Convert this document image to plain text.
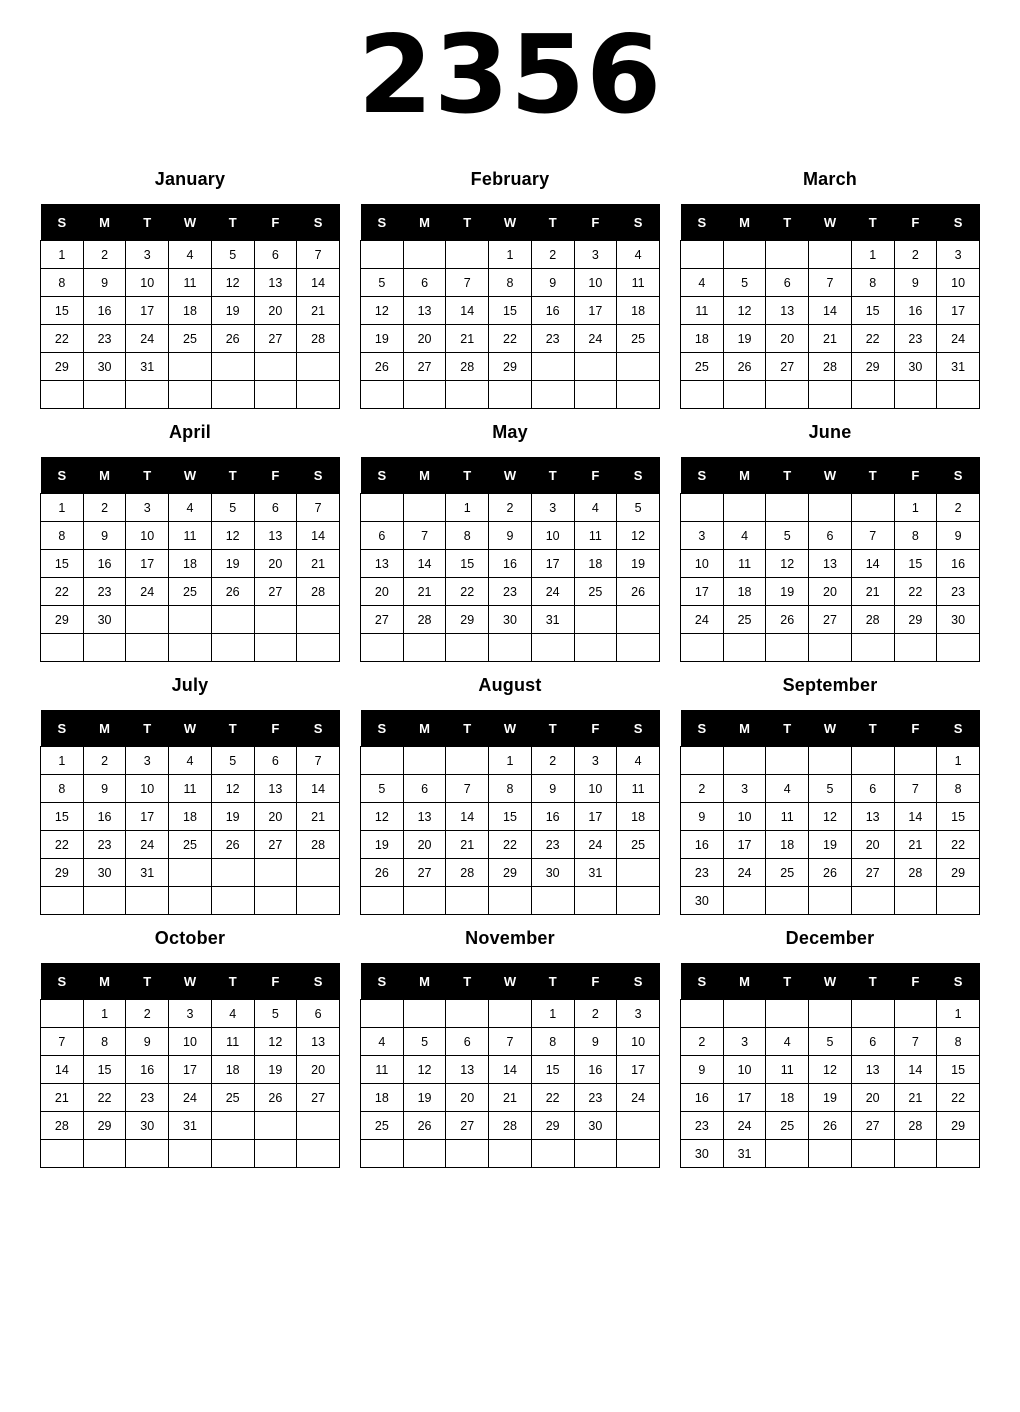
2356
January
S	M	T	W	T	F	S
1	2	3	4	5	6	7
8	9	10	11	12	13	14
15	16	17	18	19	20	21
22	23	24	25	26	27	28
29	30	31				

February
S	M	T	W	T	F	S
			1	2	3	4
5	6	7	8	9	10	11
12	13	14	15	16	17	18
19	20	21	22	23	24	25
26	27	28	29			

March
S	M	T	W	T	F	S
				1	2	3
4	5	6	7	8	9	10
11	12	13	14	15	16	17
18	19	20	21	22	23	24
25	26	27	28	29	30	31

April
S	M	T	W	T	F	S
1	2	3	4	5	6	7
8	9	10	11	12	13	14
15	16	17	18	19	20	21
22	23	24	25	26	27	28
29	30					

May
S	M	T	W	T	F	S
		1	2	3	4	5
6	7	8	9	10	11	12
13	14	15	16	17	18	19
20	21	22	23	24	25	26
27	28	29	30	31		

June
S	M	T	W	T	F	S
					1	2
3	4	5	6	7	8	9
10	11	12	13	14	15	16
17	18	19	20	21	22	23
24	25	26	27	28	29	30

July
S	M	T	W	T	F	S
1	2	3	4	5	6	7
8	9	10	11	12	13	14
15	16	17	18	19	20	21
22	23	24	25	26	27	28
29	30	31				

August
S	M	T	W	T	F	S
			1	2	3	4
5	6	7	8	9	10	11
12	13	14	15	16	17	18
19	20	21	22	23	24	25
26	27	28	29	30	31	

September
S	M	T	W	T	F	S
						1
2	3	4	5	6	7	8
9	10	11	12	13	14	15
16	17	18	19	20	21	22
23	24	25	26	27	28	29
30						
October
S	M	T	W	T	F	S
	1	2	3	4	5	6
7	8	9	10	11	12	13
14	15	16	17	18	19	20
21	22	23	24	25	26	27
28	29	30	31			

November
S	M	T	W	T	F	S
				1	2	3
4	5	6	7	8	9	10
11	12	13	14	15	16	17
18	19	20	21	22	23	24
25	26	27	28	29	30	

December
S	M	T	W	T	F	S
						1
2	3	4	5	6	7	8
9	10	11	12	13	14	15
16	17	18	19	20	21	22
23	24	25	26	27	28	29
30	31					
